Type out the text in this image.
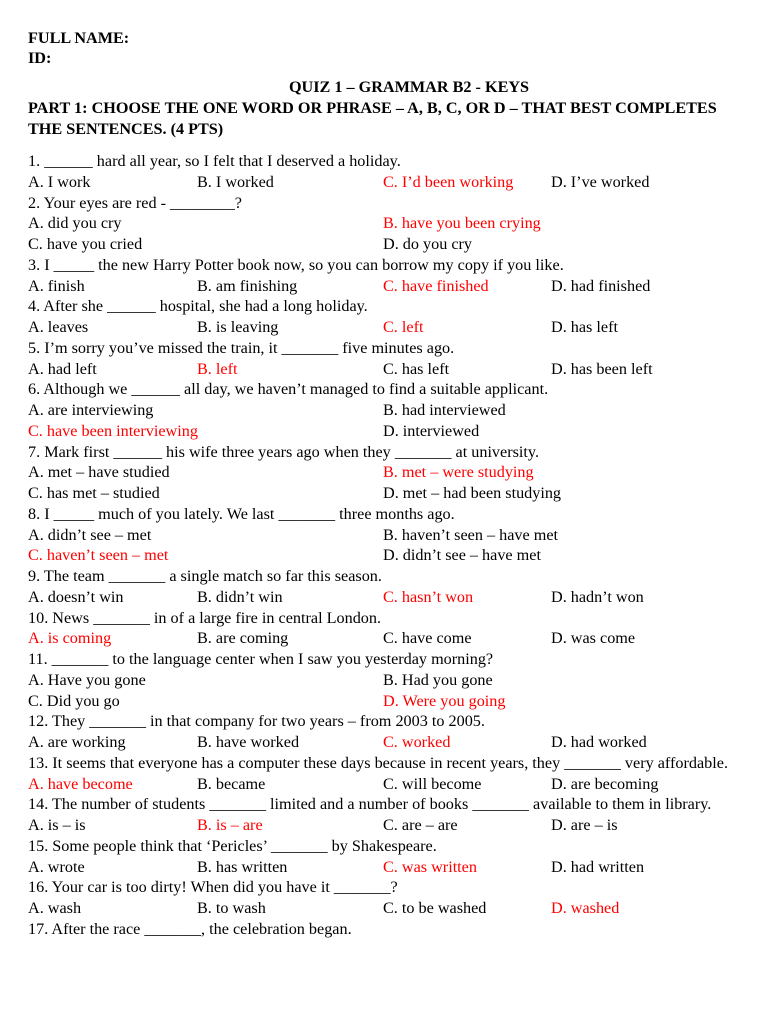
FULL NAME:
ID:
QUIZ 1 – GRAMMAR B2 - KEYS
PART 1: CHOOSE THE ONE WORD OR PHRASE – A, B, C, OR D – THAT BEST COMPLETES THE SENTENCES. (4 PTS)
1. ______ hard all year, so I felt that I deserved a holiday.
A. I work	B. I worked	C. I’d been working D. I’ve worked
2. Your eyes are red - ________?
A. did you cry	B. have you been crying
C. have you cried	D. do you cry
3. I _____ the new Harry Potter book now, so you can borrow my copy if you like.
A. finish	B. am finishing	C. have finished	D. had finished
4. After she ______ hospital, she had a long holiday.
A. leaves	B. is leaving	C. left	D. has left
5. I’m sorry you’ve missed the train, it _______ five minutes ago.
A. had left	B. left	C. has left	D. has been left
6. Although we ______ all day, we haven’t managed to find a suitable applicant.
A. are interviewing	B. had interviewed
C. have been interviewing	D. interviewed
7. Mark first ______ his wife three years ago when they _______ at university.
A. met – have studied	B. met – were studying
C. has met – studied	D. met – had been studying
8. I _____ much of you lately. We last _______ three months ago.
A. didn’t see – met	B. haven’t seen – have met
C. haven’t seen – met	D. didn’t see – have met
9. The team _______ a single match so far this season.
A. doesn’t win	B. didn’t win	C. hasn’t won	D. hadn’t won
10. News _______ in of a large fire in central London.
A. is coming	B. are coming	C. have come	D. was come
11. _______ to the language center when I saw you yesterday morning?
A. Have you gone	B. Had you gone
C. Did you go	D. Were you going
12. They _______ in that company for two years – from 2003 to 2005.
A. are working	B. have worked	C. worked	D. had worked
13. It seems that everyone has a computer these days because in recent years, they _______ very affordable.
A. have become	B. became	C. will become	D. are becoming
14. The number of students _______ limited and a number of books _______ available to them in library.
A. is – is	B. is – are	C. are – are	D. are – is
15. Some people think that ‘Pericles’ _______ by Shakespeare.
A. wrote	B. has written	C. was written	D. had written
16. Your car is too dirty! When did you have it _______?
A. wash	B. to wash	C. to be washed	D. washed
17. After the race _______, the celebration began.
